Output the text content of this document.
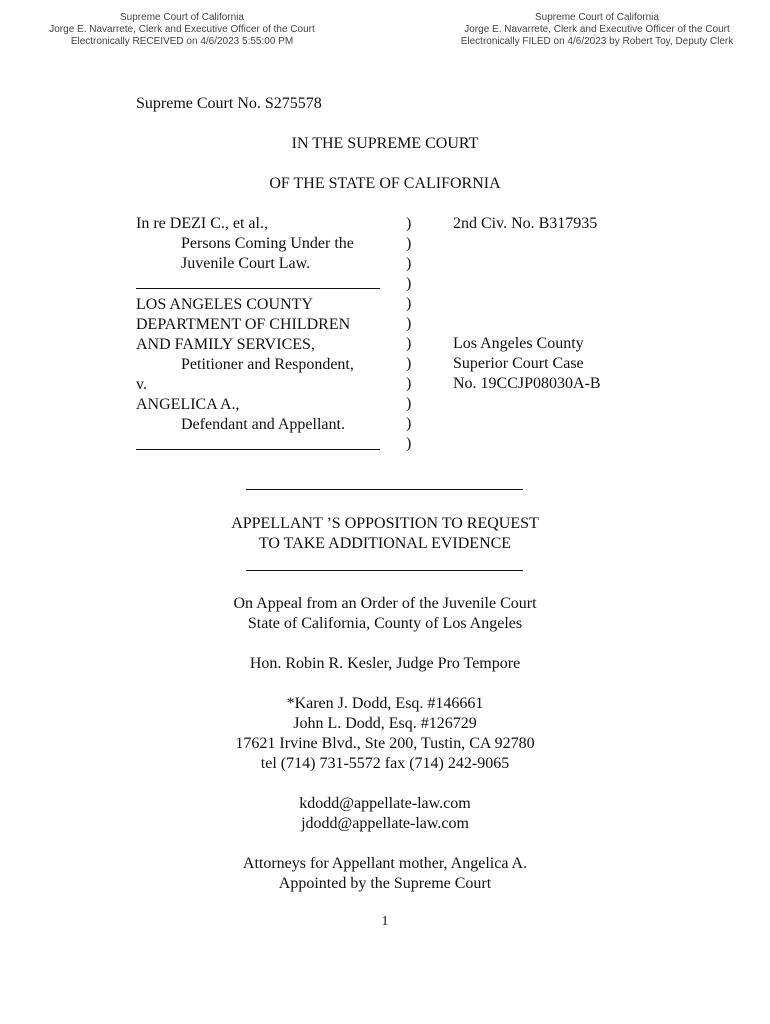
Supreme Court of California
Jorge E. Navarrete, Clerk and Executive Officer of the Court
Electronically RECEIVED on 4/6/2023 5:55:00 PM
Supreme Court of California
Jorge E. Navarrete, Clerk and Executive Officer of the Court
Electronically FILED on 4/6/2023 by Robert Toy, Deputy Clerk
Supreme Court No. S275578
IN THE SUPREME COURT
OF THE STATE OF CALIFORNIA
In re DEZI C., et al.,
Persons Coming Under the
Juvenile Court Law.
LOS ANGELES COUNTY
DEPARTMENT OF CHILDREN
AND FAMILY SERVICES,
Petitioner and Respondent,
v.
ANGELICA A.,
Defendant and Appellant.
)
)
)
)
)
)
)
)
)
)
)
)
2nd Civ. No. B317935
Los Angeles County
Superior Court Case
No. 19CCJP08030A-B
APPELLANT ’S OPPOSITION TO REQUEST
TO TAKE ADDITIONAL EVIDENCE
On Appeal from an Order of the Juvenile Court
State of California, County of Los Angeles
Hon. Robin R. Kesler, Judge Pro Tempore
*Karen J. Dodd, Esq. #146661
John L. Dodd, Esq. #126729
17621 Irvine Blvd., Ste 200, Tustin, CA 92780
tel (714) 731-5572 fax (714) 242-9065
kdodd@appellate-law.com
jdodd@appellate-law.com
Attorneys for Appellant mother, Angelica A.
Appointed by the Supreme Court
1
